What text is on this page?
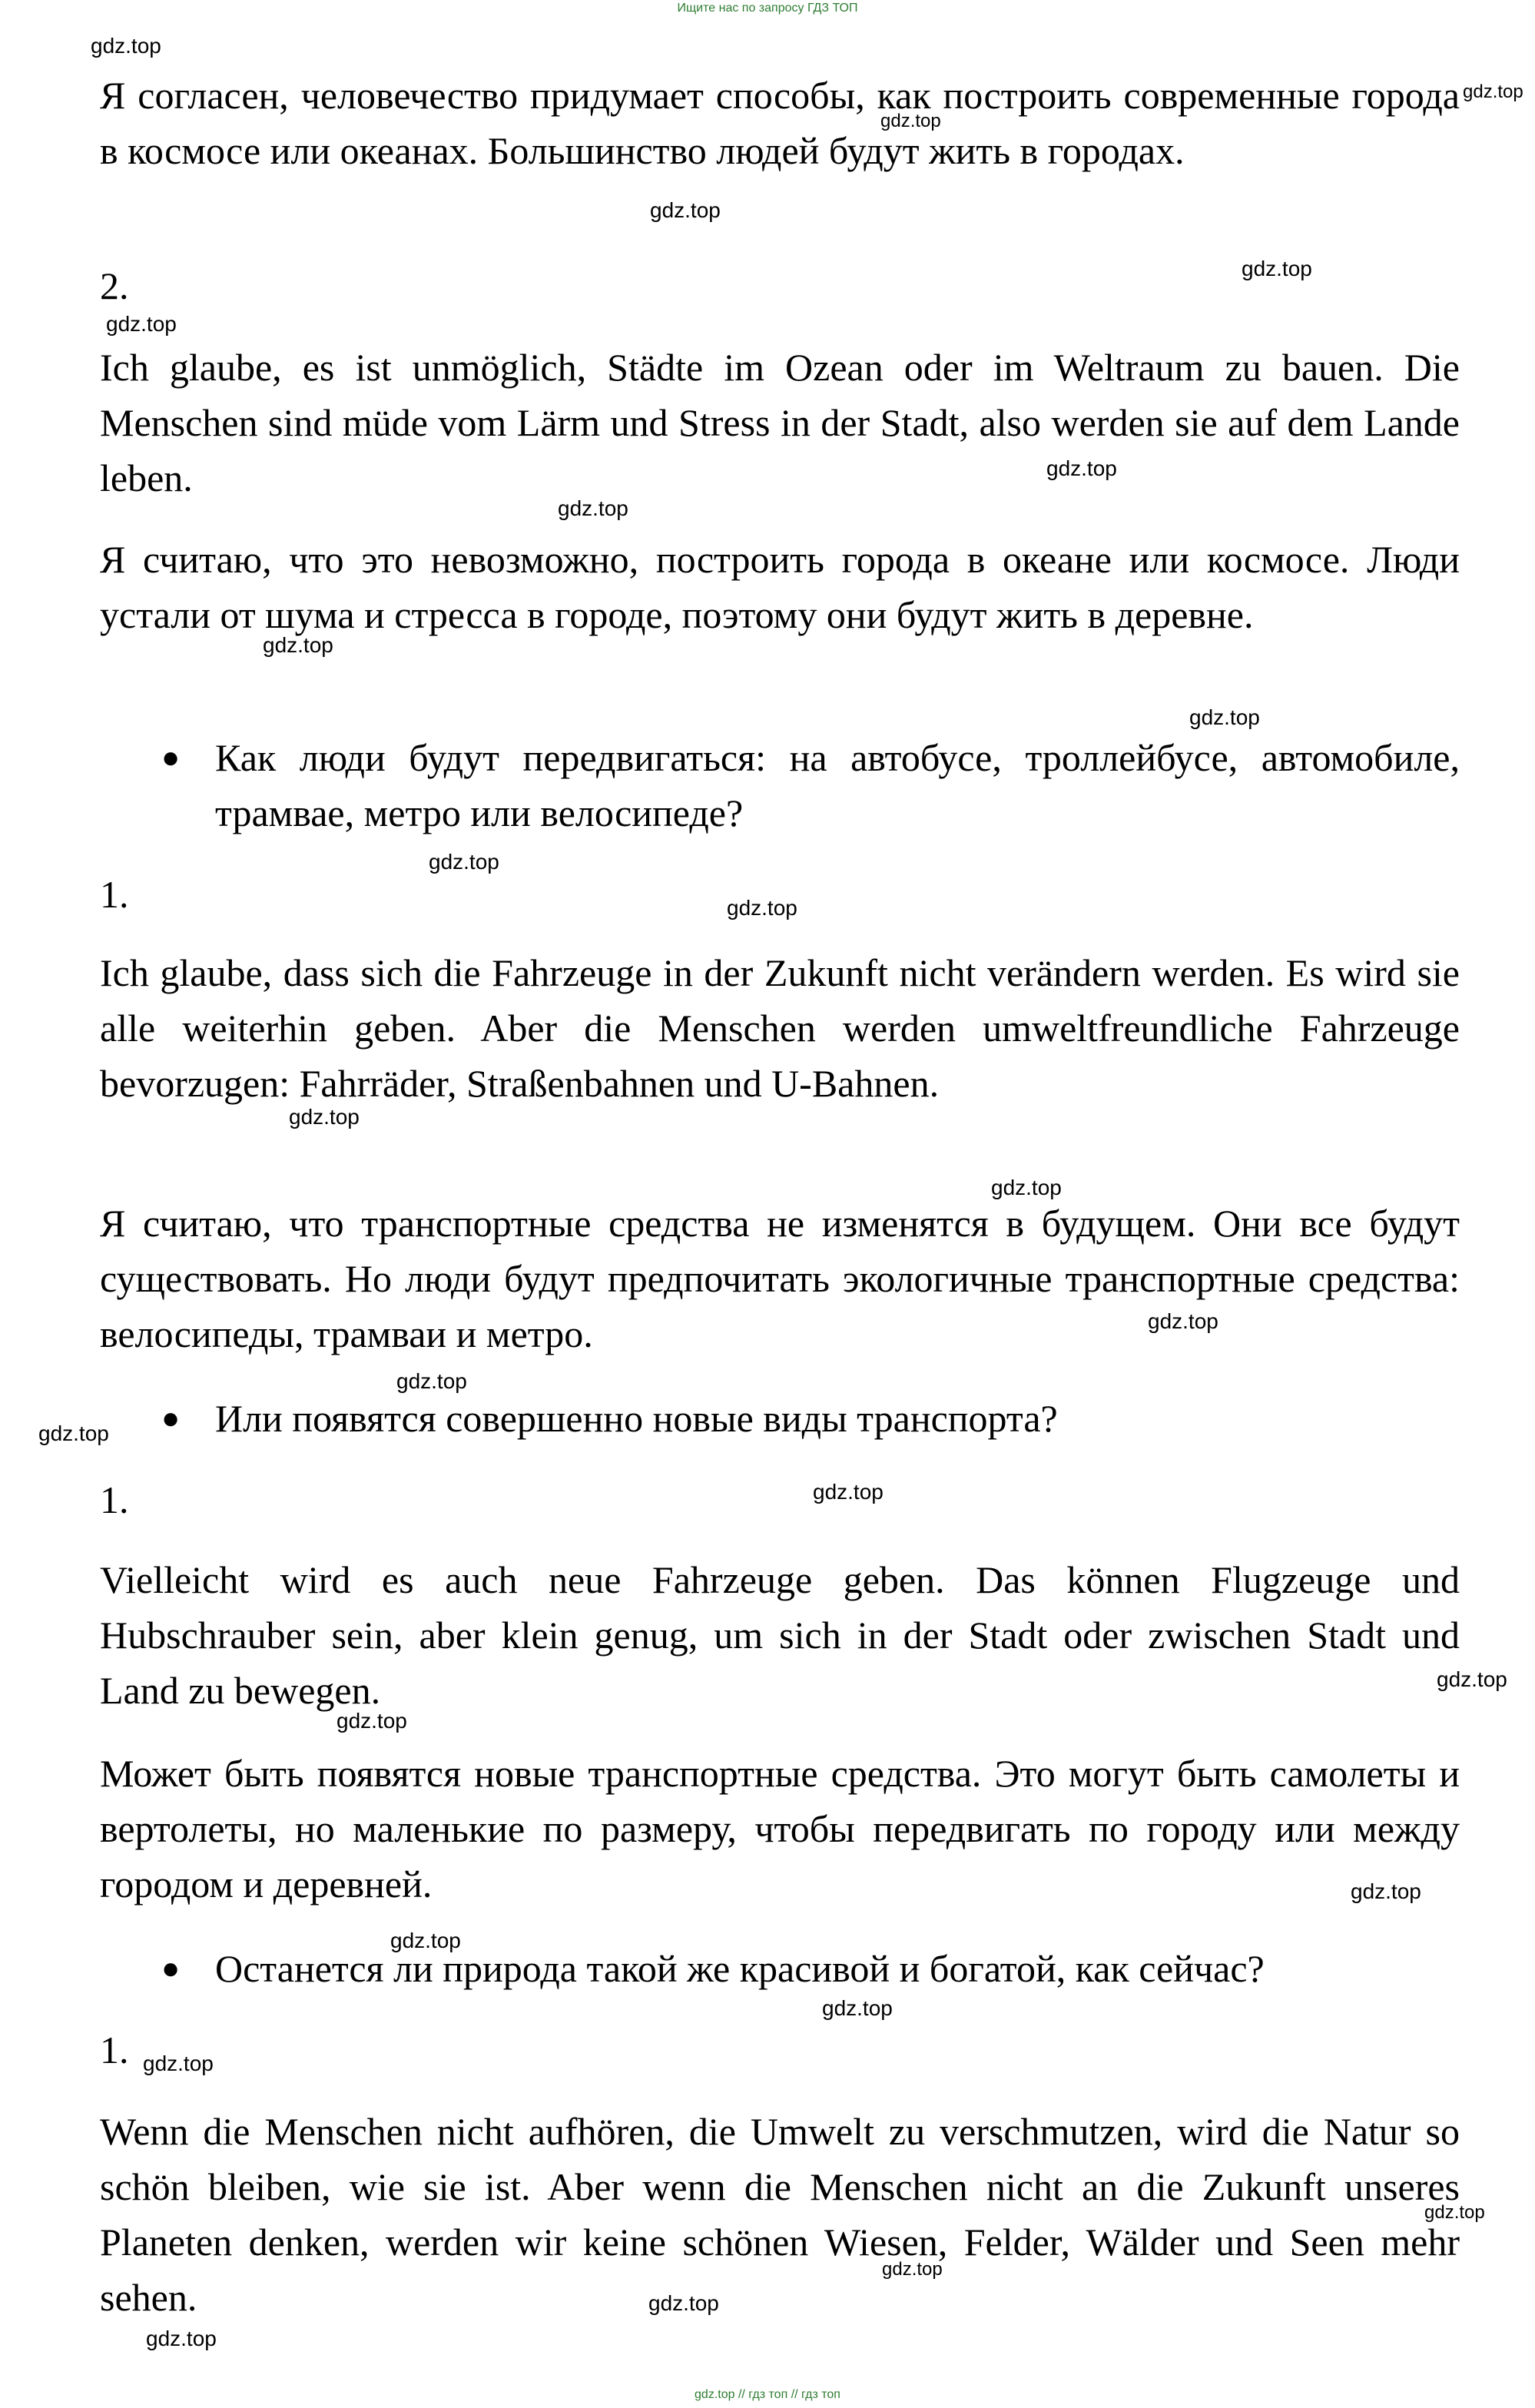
Ищите нас по запросу ГДЗ ТОП

Я согласен, человечество придумает способы, как построить современные города в космосе или океанах. Большинство людей будут жить в городах.

2.

Ich glaube, es ist unmöglich, Städte im Ozean oder im Weltraum zu bauen. Die Menschen sind müde vom Lärm und Stress in der Stadt, also werden sie auf dem Lande leben.

Я считаю, что это невозможно, построить города в океане или космосе. Люди устали от шума и стресса в городе, поэтому они будут жить в деревне.

● Как люди будут передвигаться: на автобусе, троллейбусе, автомобиле, трамвае, метро или велосипеде?
1.

Ich glaube, dass sich die Fahrzeuge in der Zukunft nicht verändern werden. Es wird sie alle weiterhin geben. Aber die Menschen werden umweltfreundliche Fahrzeuge bevorzugen: Fahrräder, Straßenbahnen und U-Bahnen.

Я считаю, что транспортные средства не изменятся в будущем. Они все будут существовать. Но люди будут предпочитать экологичные транспортные средства: велосипеды, трамваи и метро.

● Или появятся совершенно новые виды транспорта?
1.

Vielleicht wird es auch neue Fahrzeuge geben. Das können Flugzeuge und Hubschrauber sein, aber klein genug, um sich in der Stadt oder zwischen Stadt und Land zu bewegen.

Может быть появятся новые транспортные средства. Это могут быть самолеты и вертолеты, но маленькие по размеру, чтобы передвигать по городу или между городом и деревней.

● Останется ли природа такой же красивой и богатой, как сейчас?
1.

Wenn die Menschen nicht aufhören, die Umwelt zu verschmutzen, wird die Natur so schön bleiben, wie sie ist. Aber wenn die Menschen nicht an die Zukunft unseres Planeten denken, werden wir keine schönen Wiesen, Felder, Wälder und Seen mehr sehen.

gdz.top
gdz.top
gdz.top
gdz.top
gdz.top
gdz.top
gdz.top
gdz.top
gdz.top
gdz.top
gdz.top
gdz.top
gdz.top
gdz.top
gdz.top
gdz.top
gdz.top
gdz.top
gdz.top
gdz.top
gdz.top
gdz.top
gdz.top
gdz.top
gdz.top
gdz.top
gdz.top
gdz.top
gdz.top // гдз топ // гдз топ
